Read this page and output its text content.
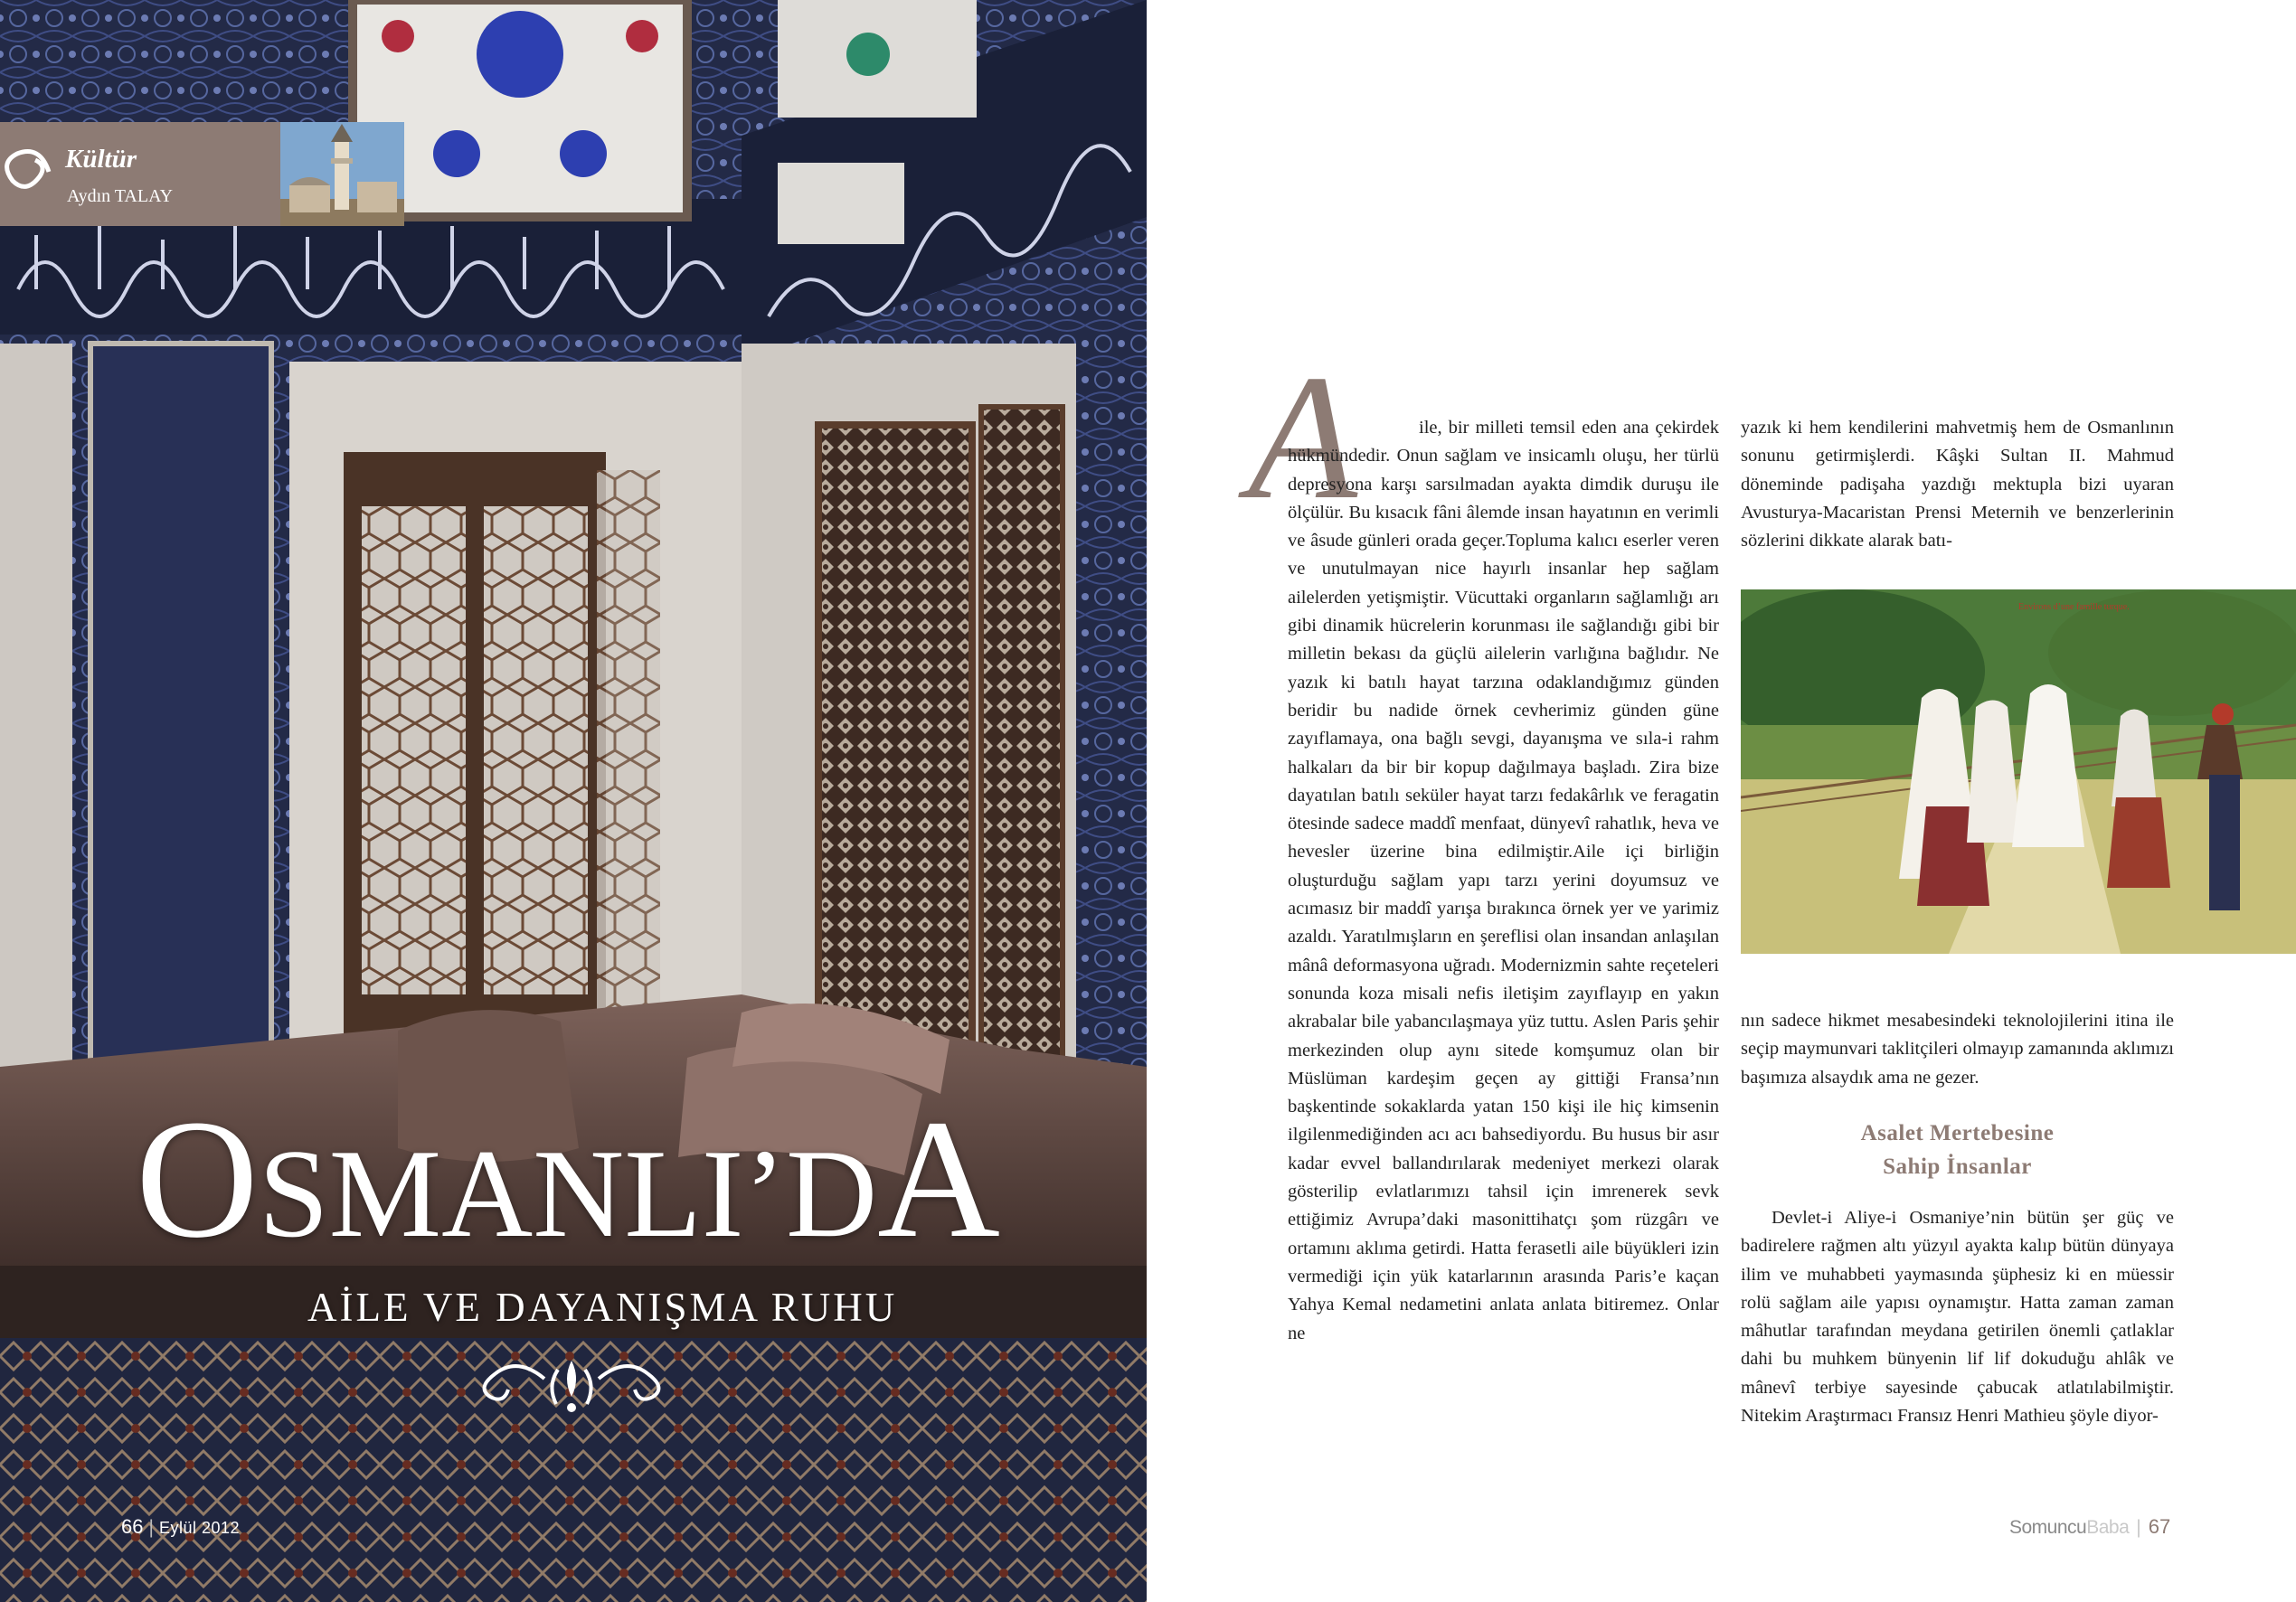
Kültür
Aydın TALAY
OSMANLI’DA
AİLE VE DAYANIŞMA RUHU
66 | Eylül 2012
A	ile, bir milleti temsil eden ana çekirdek hükmündedir. Onun sağlam ve insicamlı oluşu, her türlü depresyona karşı sarsılmadan ayakta dimdik duruşu ile ölçülür. Bu kısacık fâni âlemde insan hayatının en verimli ve âsude günleri orada geçer.Topluma kalıcı eserler veren ve unutulmayan nice hayırlı insanlar hep sağlam ailelerden yetişmiştir. Vücuttaki organların sağlamlığı arı gibi dinamik hücrelerin korunması ile sağlandığı gibi bir milletin bekası da güçlü ailelerin varlığına bağlıdır. Ne yazık ki batılı hayat tarzına odaklandığımız günden beridir bu nadide örnek cevherimiz günden güne zayıflamaya, ona bağlı sevgi, dayanışma ve sıla-i rahm halkaları da bir bir kopup dağılmaya başladı. Zira bize dayatılan batılı seküler hayat tarzı fedakârlık ve feragatin ötesinde sadece maddî menfaat, dünyevî rahatlık, heva ve hevesler üzerine bina edilmiştir.Aile içi birliğin oluşturduğu sağlam yapı tarzı yerini doyumsuz ve acımasız bir maddî yarışa bırakınca örnek yer ve yarimiz azaldı. Yaratılmışların en şereflisi olan insandan anlaşılan mânâ deformasyona uğradı. Modernizmin sahte reçeteleri sonunda koza misali nefis iletişim zayıflayıp en yakın akrabalar bile yabancılaşmaya yüz tuttu. Aslen Paris şehir merkezinden olup aynı sitede komşumuz olan bir Müslüman kardeşim geçen ay gittiği Fransa’nın başkentinde sokaklarda yatan 150 kişi ile hiç kimsenin ilgilenmediğinden acı acı bahsediyordu. Bu husus bir asır kadar evvel ballandırılarak medeniyet merkezi olarak gösterilip evlatlarımızı tahsil için imrenerek sevk ettiğimiz Avrupa’daki masonittihatçı şom rüzgârı ve ortamını aklıma getirdi. Hatta ferasetli aile büyükleri izin vermediği için yük katarlarının arasında Paris’e kaçan Yahya Kemal nedametini anlata anlata bitiremez. Onlar ne

yazık ki hem kendilerini mahvetmiş hem de Osmanlının sonunu getirmişlerdi. Kâşki Sultan II. Mahmud döneminde padişaha yazdığı mektupla bizi uyaran Avusturya-Macaristan Prensi Meternih ve benzerlerinin sözlerini dikkate alarak batı-

Environs d’une famille turque.

nın sadece hikmet mesabesindeki teknolojilerini itina ile seçip maymunvari taklitçileri olmayıp zamanında aklımızı başımıza alsaydık ama ne gezer.

Asalet Mertebesine
Sahip İnsanlar

Devlet-i Aliye-i Osmaniye’nin bütün şer güç ve badirelere rağmen altı yüzyıl ayakta kalıp bütün dünyaya ilim ve muhabbeti yaymasında şüphesiz ki en müessir rolü sağlam aile yapısı oynamıştır. Hatta zaman zaman mâhutlar tarafından meydana getirilen önemli çatlaklar dahi bu muhkem bünyenin lif lif dokuduğu ahlâk ve mânevî terbiye sayesinde çabucak atlatılabilmiştir. Nitekim Araştırmacı Fransız Henri Mathieu şöyle diyor-

SomuncuBaba | 67
